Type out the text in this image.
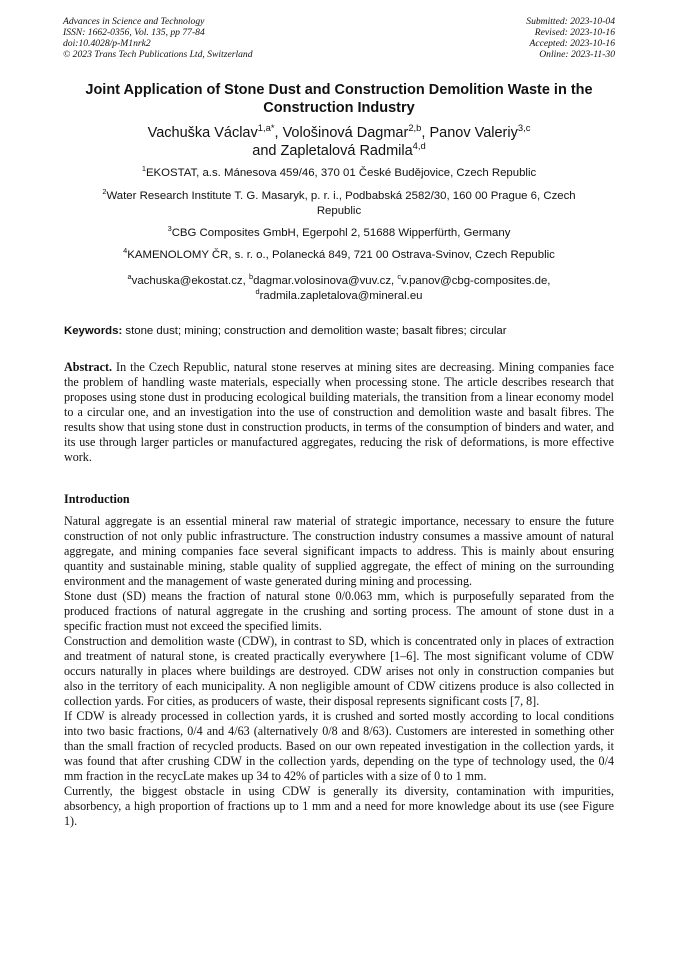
Advances in Science and Technology
ISSN: 1662-0356, Vol. 135, pp 77-84
doi:10.4028/p-M1nrk2
© 2023 Trans Tech Publications Ltd, Switzerland
Submitted: 2023-10-04
Revised: 2023-10-16
Accepted: 2023-10-16
Online: 2023-11-30
Joint Application of Stone Dust and Construction Demolition Waste in the Construction Industry
Vachuška Václav$^{1,a*}$, Vološinová Dagmar$^{2,b}$, Panov Valeriy$^{3,c}$
and Zapletalová Radmila$^{4,d}$
$^1$EKOSTAT, a.s. Mánesova 459/46, 370 01 České Budějovice, Czech Republic
$^2$Water Research Institute T. G. Masaryk, p. r. i., Podbabská 2582/30, 160 00 Prague 6, Czech Republic
$^3$CBG Composites GmbH, Egerpohl 2, 51688 Wipperfürth, Germany
$^4$KAMENOLOMY ČR, s. r. o., Polanecká 849, 721 00 Ostrava-Svinov, Czech Republic
$^a$vachuska@ekostat.cz, $^b$dagmar.volosinova@vuv.cz, $^c$v.panov@cbg-composites.de,
$^d$radmila.zapletalova@mineral.eu
Keywords: stone dust; mining; construction and demolition waste; basalt fibres; circular

Abstract. In the Czech Republic, natural stone reserves at mining sites are decreasing. Mining companies face the problem of handling waste materials, especially when processing stone. The article describes research that proposes using stone dust in producing ecological building materials, the transition from a linear economy model to a circular one, and an investigation into the use of construction and demolition waste and basalt fibres. The results show that using stone dust in construction products, in terms of the consumption of binders and water, and its use through larger particles or manufactured aggregates, reducing the risk of deformations, is more effective work.

Introduction

Natural aggregate is an essential mineral raw material of strategic importance, necessary to ensure the future construction of not only public infrastructure. The construction industry consumes a massive amount of natural aggregate, and mining companies face several significant impacts to address. This is mainly about ensuring quantity and sustainable mining, stable quality of supplied aggregate, the effect of mining on the surrounding environment and the management of waste generated during mining and processing.

Stone dust (SD) means the fraction of natural stone 0/0.063 mm, which is purposefully separated from the produced fractions of natural aggregate in the crushing and sorting process. The amount of stone dust in a specific fraction must not exceed the specified limits.

Construction and demolition waste (CDW), in contrast to SD, which is concentrated only in places of extraction and treatment of natural stone, is created practically everywhere [1–6]. The most significant volume of CDW occurs naturally in places where buildings are destroyed. CDW arises not only in construction companies but also in the territory of each municipality. A non negligible amount of CDW citizens produce is also collected in collection yards. For cities, as producers of waste, their disposal represents significant costs [7, 8].

If CDW is already processed in collection yards, it is crushed and sorted mostly according to local conditions into two basic fractions, 0/4 and 4/63 (alternatively 0/8 and 8/63). Customers are interested in something other than the small fraction of recycled products. Based on our own repeated investigation in the collection yards, it was found that after crushing CDW in the collection yards, depending on the type of technology used, the 0/4 mm fraction in the recycLate makes up 34 to 42% of particles with a size of 0 to 1 mm.

Currently, the biggest obstacle in using CDW is generally its diversity, contamination with impurities, absorbency, a high proportion of fractions up to 1 mm and a need for more knowledge about its use (see Figure 1).
